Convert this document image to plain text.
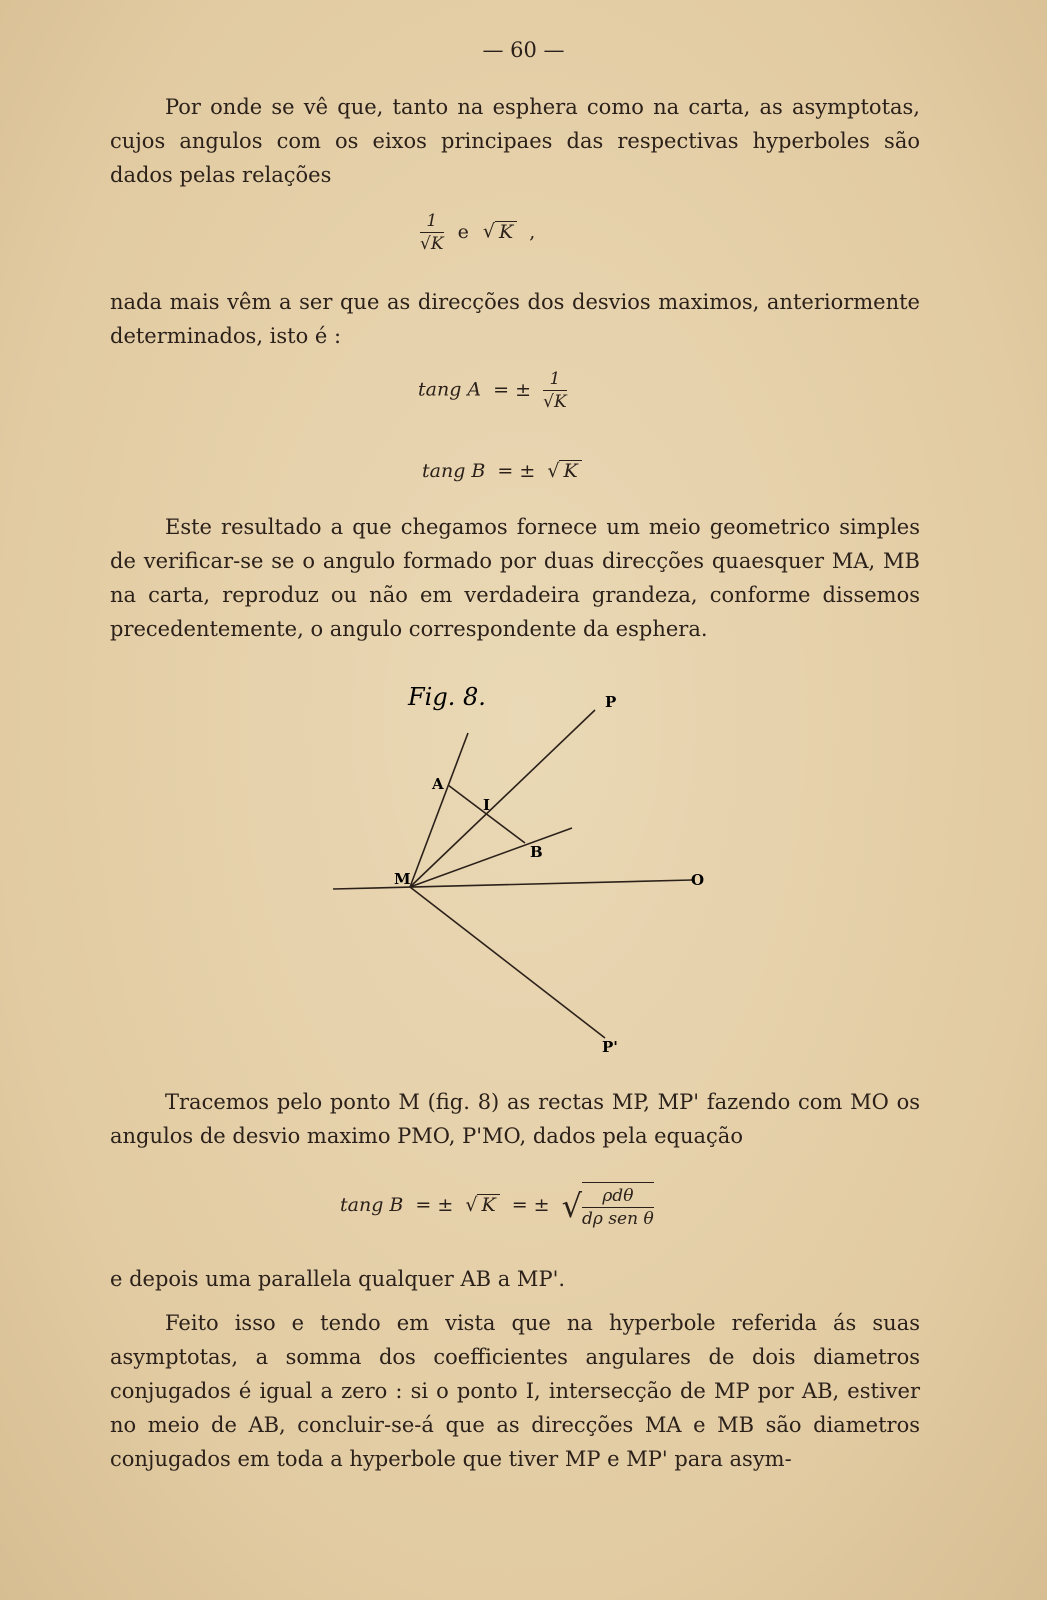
— 60 —

Por onde se vê que, tanto na esphera como na carta, as asymptotas, cujos angulos com os eixos principaes das respectivas hyperboles são dados pelas relações

$\frac{1}{√K}$ e √ K ,

nada mais vêm a ser que as direcções dos desvios maximos, anteriormente determinados, isto é :

tang A = ± $\frac{1}{√K}$
tang B = ± √ K

Este resultado a que chegamos fornece um meio geometrico simples de verificar-se se o angulo formado por duas direcções quaesquer MA, MB na carta, reproduz ou não em verdadeira grandeza, conforme dissemos precedentemente, o angulo correspondente da esphera.

Fig. 8.	P
A
I
B
M	O
P'

Tracemos pelo ponto M (fig. 8) as rectas MP, MP' fazendo com MO os angulos de desvio maximo PMO, P'MO, dados pela equação

tang B = ± √ K = ± √ $\frac{\text{ρdθ}}{\text{dρ sen θ}}$

e depois uma parallela qualquer AB a MP'.

Feito isso e tendo em vista que na hyperbole referida ás suas asymptotas, a somma dos coefficientes angulares de dois diametros conjugados é igual a zero : si o ponto I, intersecção de MP por AB, estiver no meio de AB, concluir-se-á que as direcções MA e MB são diametros conjugados em toda a hyperbole que tiver MP e MP' para asym-
